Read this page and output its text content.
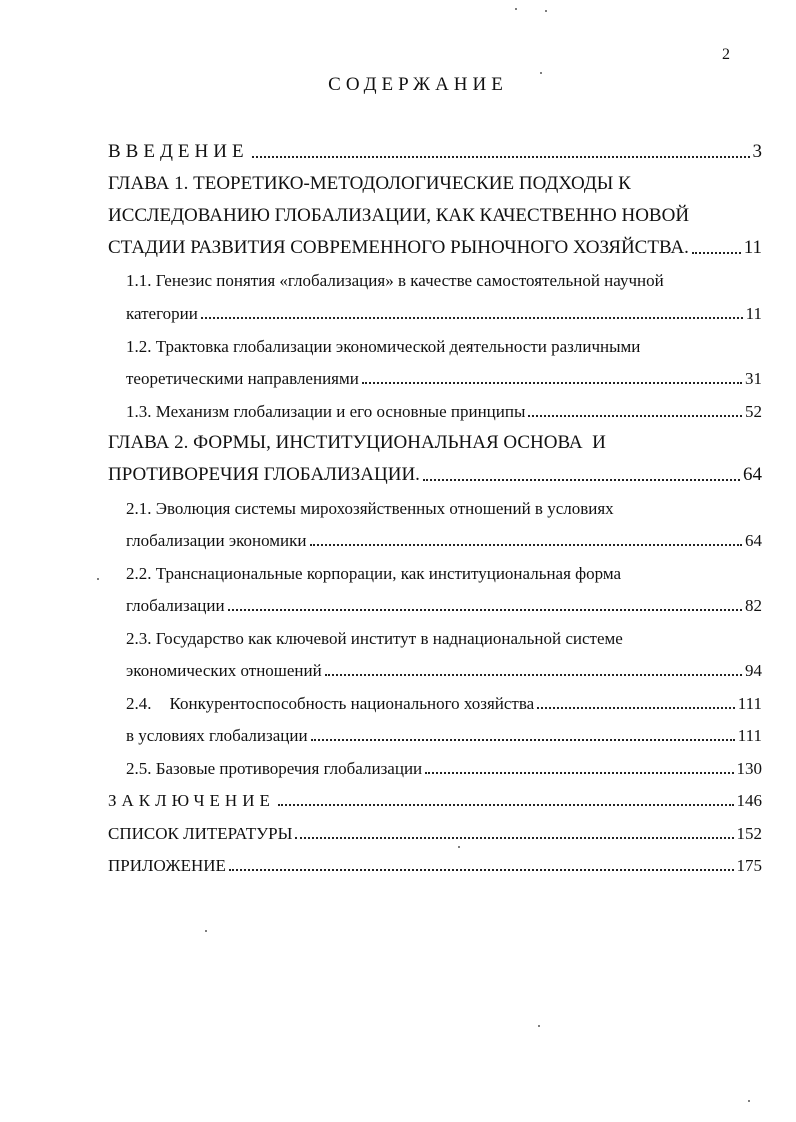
2
СОДЕРЖАНИЕ
ВВЕДЕНИЕ	3
ГЛАВА 1. ТЕОРЕТИКО-МЕТОДОЛОГИЧЕСКИЕ ПОДХОДЫ К
ИССЛЕДОВАНИЮ ГЛОБАЛИЗАЦИИ, КАК КАЧЕСТВЕННО НОВОЙ
СТАДИИ РАЗВИТИЯ СОВРЕМЕННОГО РЫНОЧНОГО ХОЗЯЙСТВА.	11
1.1. Генезис понятия «глобализация» в качестве самостоятельной научной
категории	11
1.2. Трактовка глобализации экономической деятельности различными
теоретическими направлениями	31
1.3. Механизм глобализации и его основные принципы	52
ГЛАВА 2. ФОРМЫ, ИНСТИТУЦИОНАЛЬНАЯ ОСНОВА  И
ПРОТИВОРЕЧИЯ ГЛОБАЛИЗАЦИИ.	64
2.1. Эволюция системы мирохозяйственных отношений в условиях
глобализации экономики	64
2.2. Транснациональные корпорации, как институциональная форма
глобализации	82
2.3. Государство как ключевой институт в наднациональной системе
экономических отношений	94
2.4. Конкурентоспособность национального хозяйства	111
в условиях глобализации	111
2.5. Базовые противоречия глобализации	130
ЗАКЛЮЧЕНИЕ	146
СПИСОК ЛИТЕРАТУРЫ	152
ПРИЛОЖЕНИЕ	175
